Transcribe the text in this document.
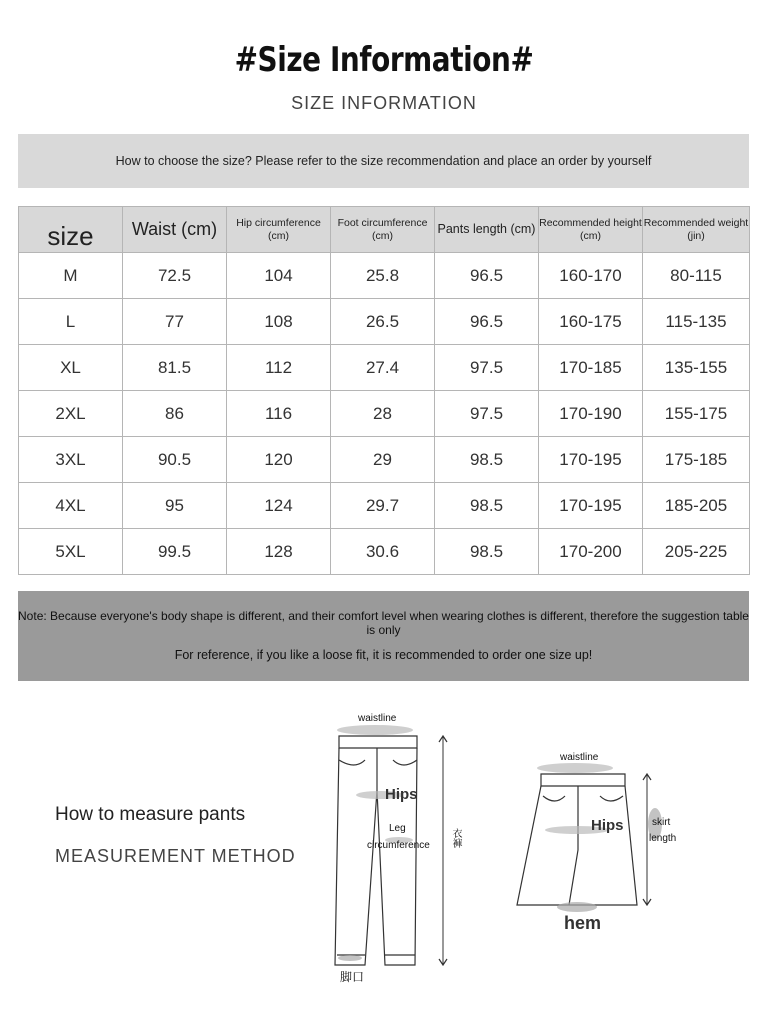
#Size Information#
SIZE INFORMATION
How to choose the size? Please refer to the size recommendation and place an order by yourself
size	Waist (cm)	Hip circumference (cm)	Foot circumference (cm)	Pants length (cm)	Recommended height (cm)	Recommended weight (jin)
M	72.5	104	25.8	96.5	160-170	80-115
L	77	108	26.5	96.5	160-175	115-135
XL	81.5	112	27.4	97.5	170-185	135-155
2XL	86	116	28	97.5	170-190	155-175
3XL	90.5	120	29	98.5	170-195	175-185
4XL	95	124	29.7	98.5	170-195	185-205
5XL	99.5	128	30.6	98.5	170-200	205-225
Note: Because everyone's body shape is different, and their comfort level when wearing clothes is different, therefore the suggestion table is only
For reference, if you like a loose fit, it is recommended to order one size up!
How to measure pants
MEASUREMENT METHOD
waistline
Hips
Leg
circumference 衣褲
脚口
waistline
Hips	skirt
length
hem
